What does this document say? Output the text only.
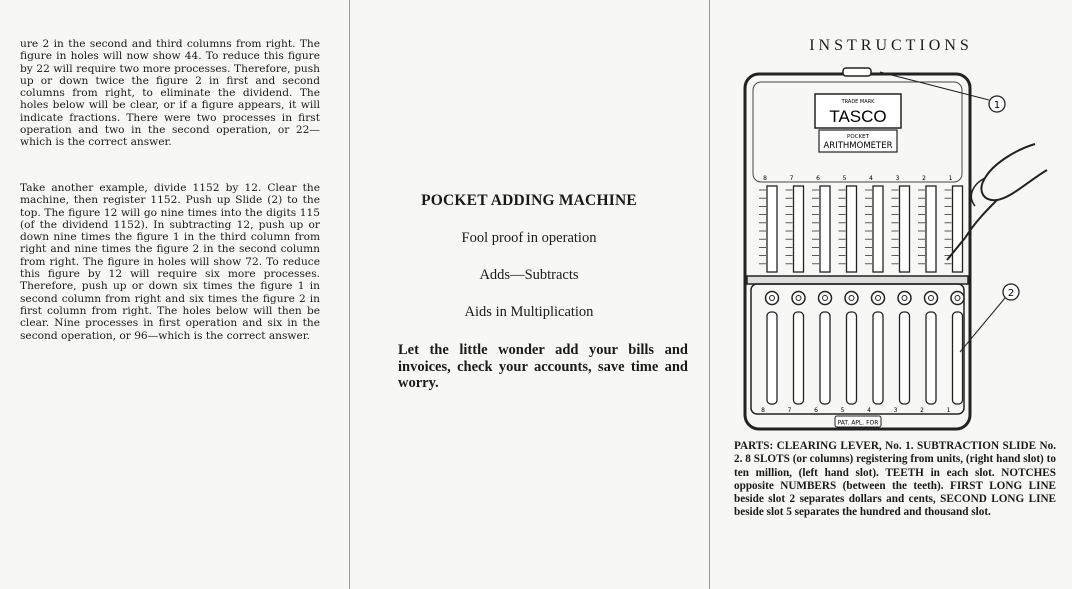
ure 2 in the second and third columns from right. The figure in holes will now show 44. To reduce this figure by 22 will require two more processes. Therefore, push up or down twice the figure 2 in first and second columns from right, to eliminate the dividend. The holes below will be clear, or if a figure appears, it will indicate fractions. There were two processes in first operation and two in the second operation, or 22—which is the correct answer.

Take another example, divide 1152 by 12. Clear the machine, then register 1152. Push up Slide (2) to the top. The figure 12 will go nine times into the digits 115 (of the dividend 1152). In subtracting 12, push up or down nine times the figure 1 in the third column from right and nine times the figure 2 in the second column from right. The figure in holes will show 72. To reduce this figure by 12 will require six more processes. Therefore, push up or down six times the figure 1 in second column from right and six times the figure 2 in first column from right. The holes below will then be clear. Nine processes in first operation and six in the second operation, or 96—which is the correct answer.

POCKET ADDING MACHINE
Fool proof in operation
Adds—Subtracts
Aids in Multiplication
Let the little wonder add your bills and invoices, check your accounts, save time and worry.
INSTRUCTIONS
TRADE MARK
TASCO
POCKET
ARITHMOMETER
8	7	6	5	4	3	2	1
8	7	6	5	4	3	2	1
PAT. APL. FOR
1
2
PARTS: CLEARING LEVER, No. 1. SUBTRACTION SLIDE No. 2. 8 SLOTS (or columns) registering from units, (right hand slot) to ten million, (left hand slot). TEETH in each slot. NOTCHES opposite NUMBERS (between the teeth). FIRST LONG LINE beside slot 2 separates dollars and cents, SECOND LONG LINE beside slot 5 separates the hundred and thousand slot.
